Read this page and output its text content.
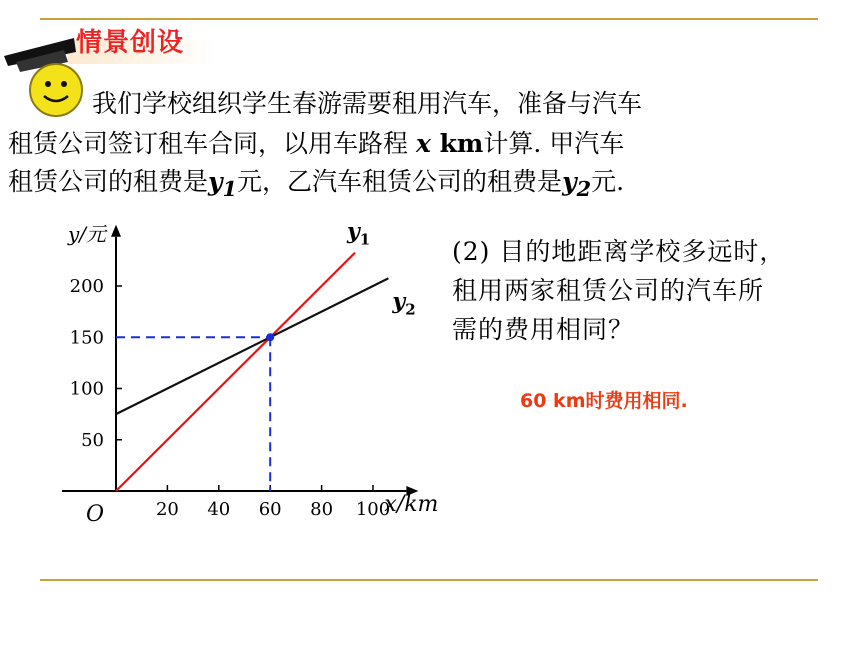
情景创设
我们学校组织学生春游需要租用汽车，准备与汽车
租赁公司签订租车合同，以用车路程 x km计算. 甲汽车
租赁公司的租费是$y_1$元，乙汽车租赁公司的租费是$y_2$元.
20 40 60 80 100
50
100
150
200
O	x/km
y/元	$y_1$
$y_2$
(2) 目的地距离学校多远时，
租用两家租赁公司的汽车所
需的费用相同？
60 km时费用相同.
